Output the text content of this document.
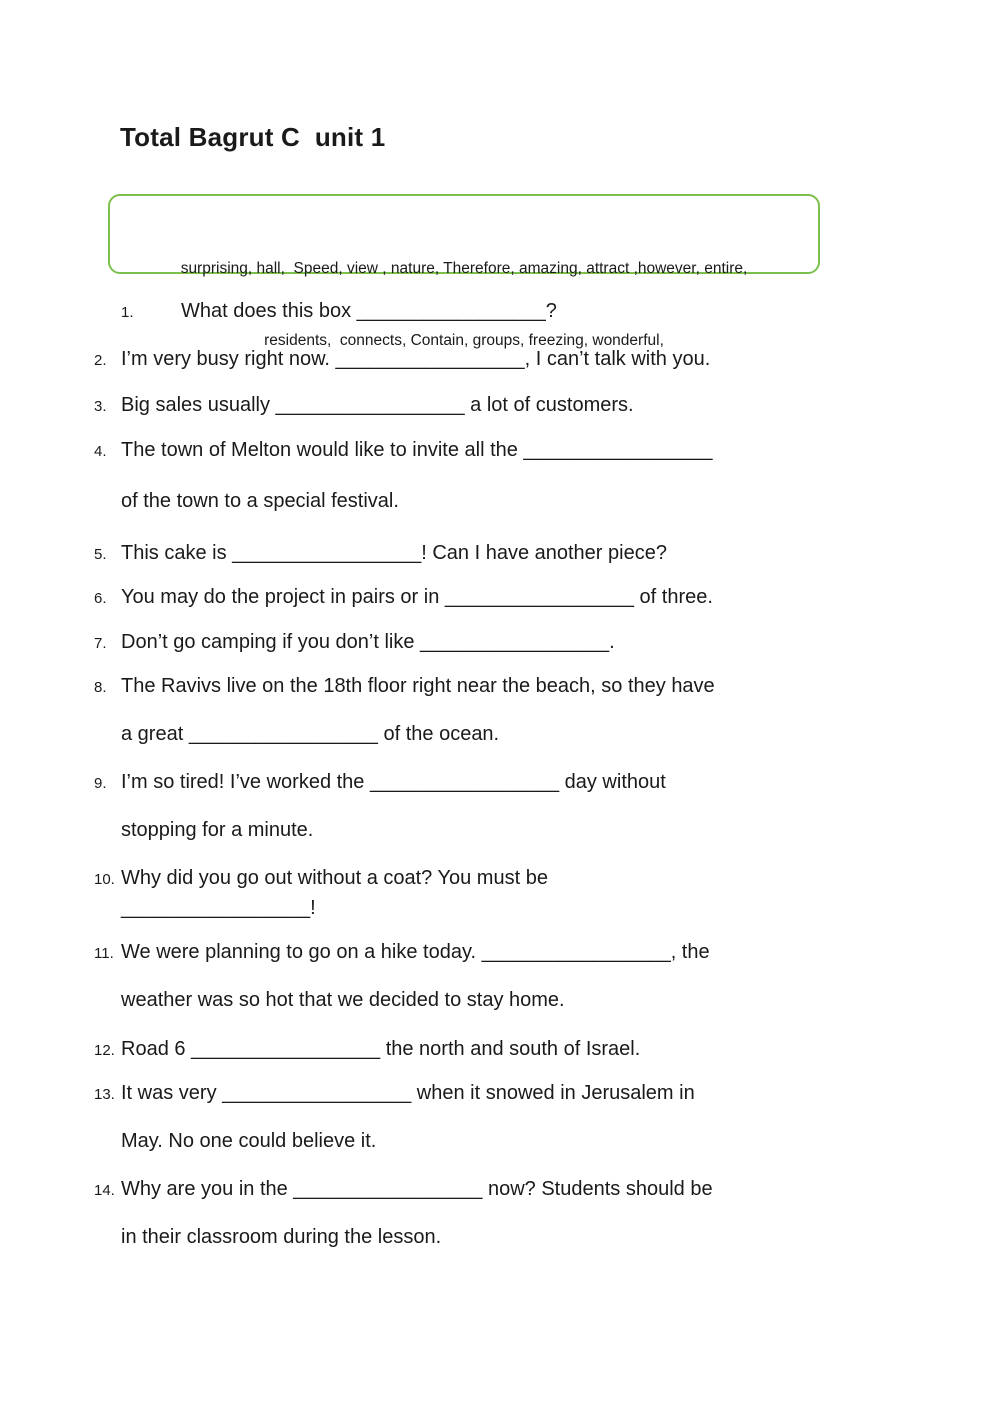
Total Bagrut C  unit 1

surprising, hall,  Speed, view , nature, Therefore, amazing, attract ,however, entire,

residents,  connects, Contain, groups, freezing, wonderful,

1. What does this box _________________?
2. I’m very busy right now. _________________, I can’t talk with you.
3. Big sales usually _________________ a lot of customers.
4. The town of Melton would like to invite all the _________________
of the town to a special festival.
5. This cake is _________________! Can I have another piece?
6. You may do the project in pairs or in _________________ of three.
7. Don’t go camping if you don’t like _________________.
8. The Ravivs live on the 18th floor right near the beach, so they have
a great _________________ of the ocean.
9. I’m so tired! I’ve worked the _________________ day without
stopping for a minute.
10. Why did you go out without a coat? You must be
_________________!
11. We were planning to go on a hike today. _________________, the
weather was so hot that we decided to stay home.
12. Road 6 _________________ the north and south of Israel.
13. It was very _________________ when it snowed in Jerusalem in
May. No one could believe it.
14. Why are you in the _________________ now? Students should be
in their classroom during the lesson.
